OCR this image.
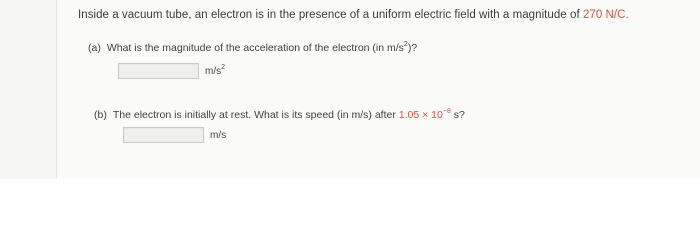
Inside a vacuum tube, an electron is in the presence of a uniform electric field with a magnitude of 270 N/C.
(a) What is the magnitude of the acceleration of the electron (in $m/s^2$)?
$m/s^2$
(b) The electron is initially at rest. What is its speed (in m/s) after $1.05 \times 10^{-8}$ s?
m/s
